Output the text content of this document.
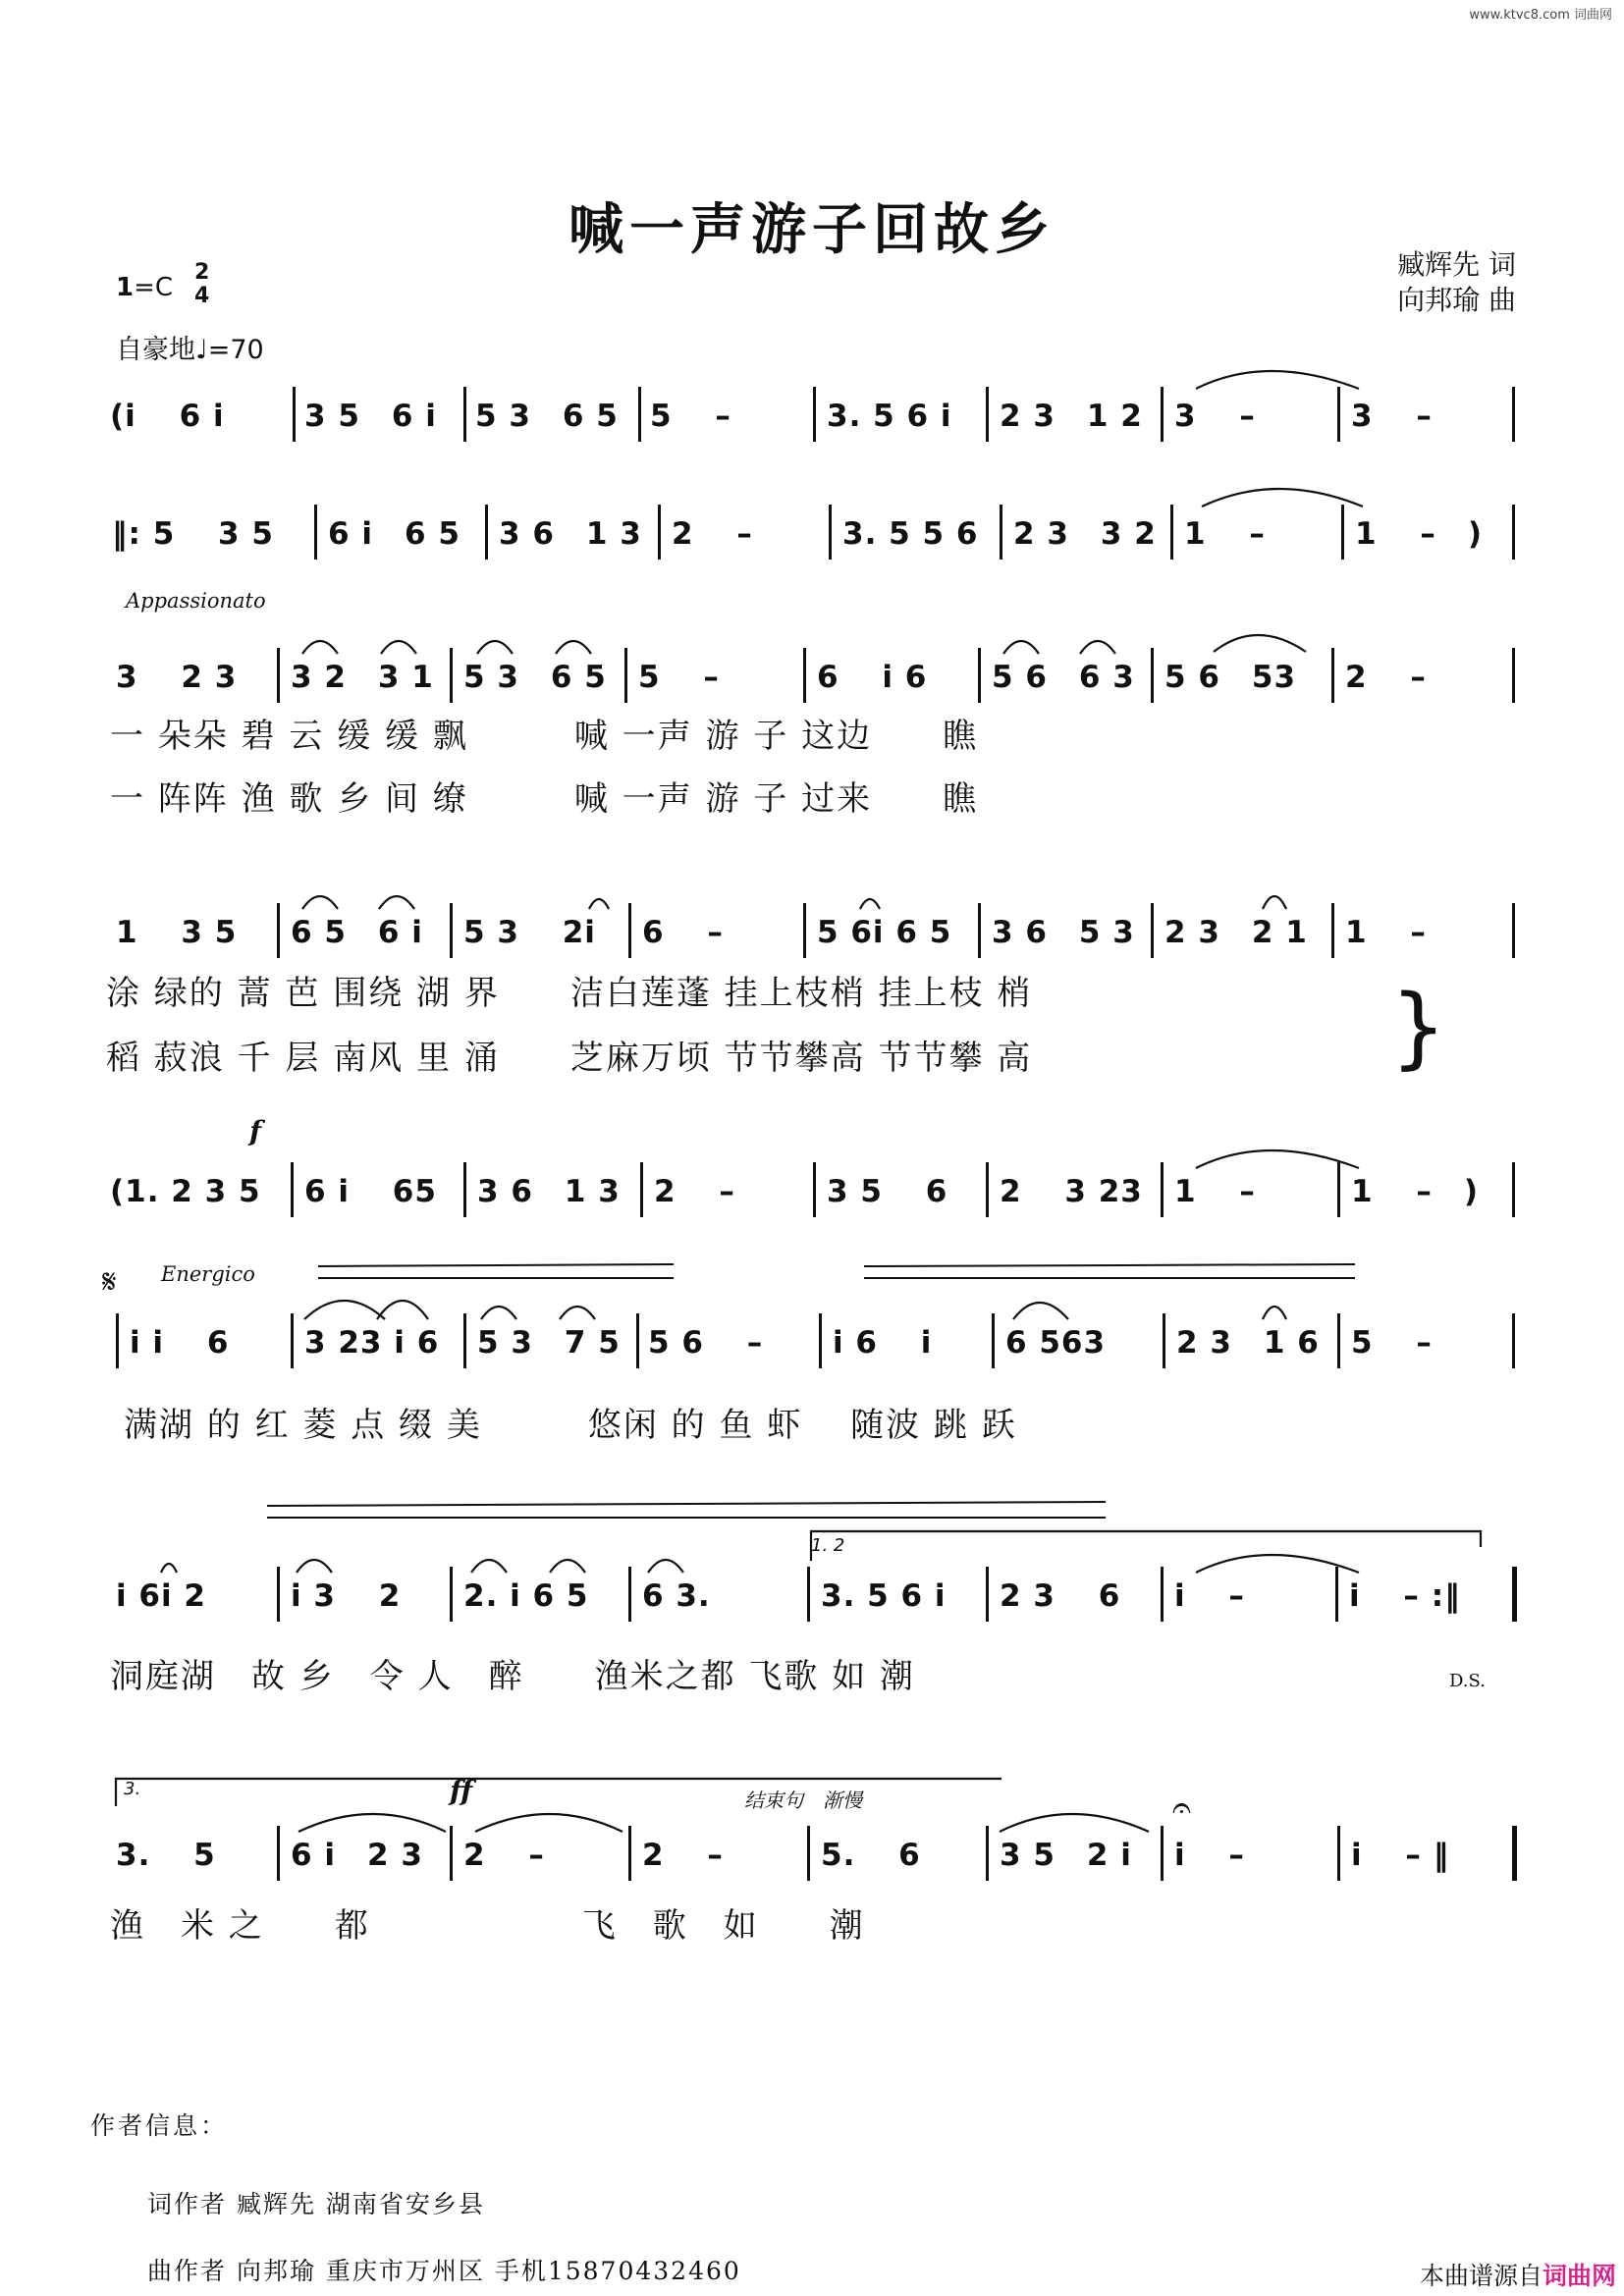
www.ktvc8.com 词曲网
喊一声游子回故乡
臧辉先 词
向邦瑜 曲
1=C
2
4
自豪地♩=70
(i　 6 i	3 5　6 i 5 3　6 5 5　 –	3. 5 6 i 2 3　1 2 3　 –	3　 –
‖: 5　 3 5 6 i　6 5 3 6　1 3 2　 –	3. 5 5 6 2 3　3 2 1　 –	1　 –　)
Appassionato
3　 2 3 3 2　3 1 5 3　6 5 5　 –	6　 i 6 5 6　6 3 5 6　53 2　 –
一 朵朵 碧 云 缓 缓 飘　　　喊 一声 游 子 这边　　瞧
一 阵阵 渔 歌 乡 间 缭　　　喊 一声 游 子 过来　　瞧
1　 3 5 6 5　6 i 5 3　 2i 6　 –	5 6i 6 5 3 6　5 3 2 3　2 1 1　 –
涂 绿的 蒿 芭 围绕 湖 界　　洁白莲蓬 挂上枝梢 挂上枝 梢
稻 菽浪 千 层 南风 里 涌　　芝麻万顷 节节攀高 节节攀 高	}
f
(1. 2 3 5 6 i　 65 3 6　1 3 2　 –	3 5　 6 2　 3 23 1　 –	1　 –　)
𝄋 Energico
i i　 6 3 23 i 6 5 3　7 5 5 6　 – i 6　 i 6 563 2 3　1 6 5　 –
满湖 的 红 菱 点 缀 美　　　悠闲 的 鱼 虾　 随波 跳 跃
1. 2
i 6i 2	i 3　 2 2. i 6 5 6 3.	3. 5 6 i 2 3　 6 i　 –	i　 – :‖
洞庭湖　故 乡　令 人　醉　　渔米之都 飞歌 如 潮	D.S.
3.	ff	结束句　渐慢	𝄐
3.　 5 6 i　2 3 2　 –	2　 –	5.　 6	3 5　2 i i　 –	i　 – ‖
渔　米 之　　都　　　　　　飞　歌　如　　潮
作者信息：
词作者 臧辉先 湖南省安乡县
曲作者 向邦瑜 重庆市万州区 手机15870432460	本曲谱源自词曲网
